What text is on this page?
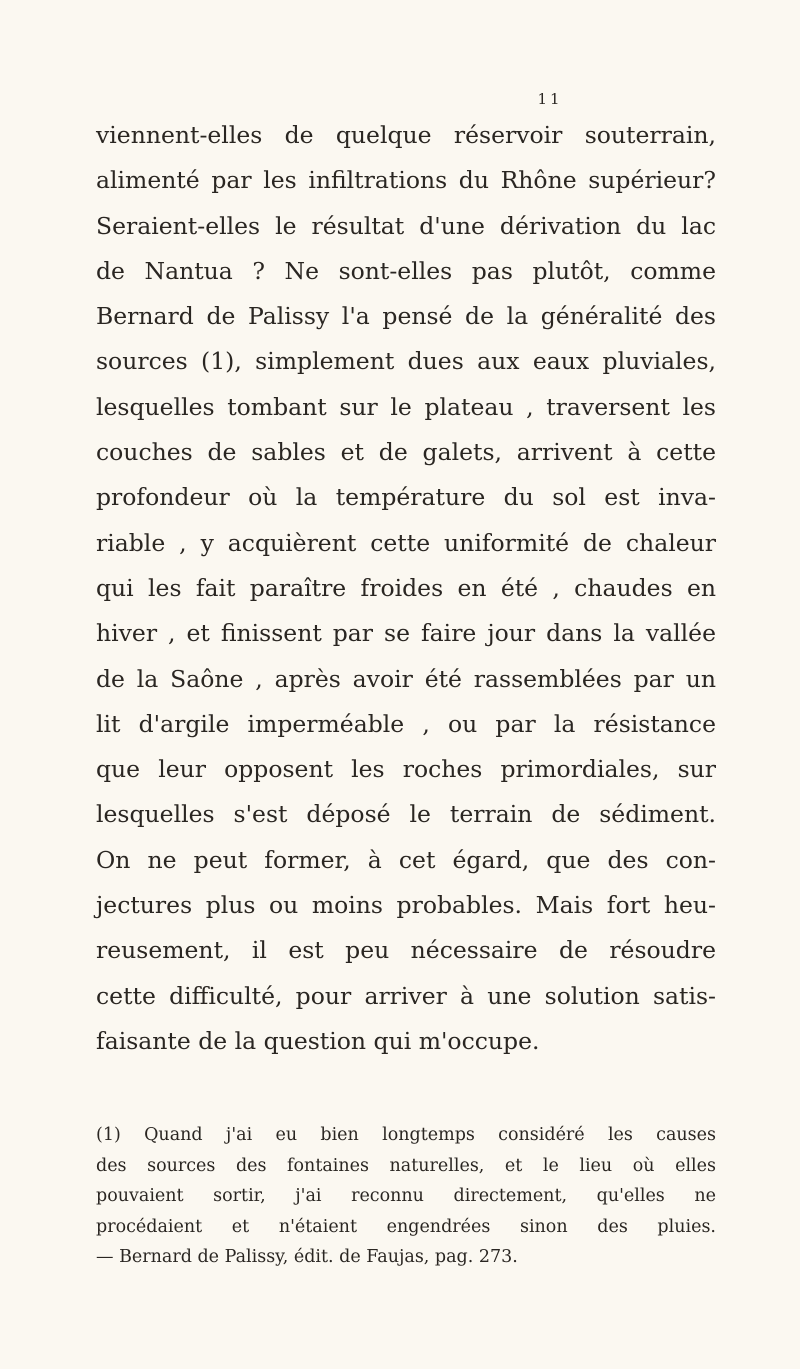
11
viennent-elles de quelque réservoir souterrain,
alimenté par les infiltrations du Rhône supérieur?
Seraient-elles le résultat d'une dérivation du lac
de Nantua ? Ne sont-elles pas plutôt, comme
Bernard de Palissy l'a pensé de la généralité des
sources (1), simplement dues aux eaux pluviales,
lesquelles tombant sur le plateau , traversent les
couches de sables et de galets, arrivent à cette
profondeur où la température du sol est inva-
riable , y acquièrent cette uniformité de chaleur
qui les fait paraître froides en été , chaudes en
hiver , et finissent par se faire jour dans la vallée
de la Saône , après avoir été rassemblées par un
lit d'argile imperméable , ou par la résistance
que leur opposent les roches primordiales, sur
lesquelles s'est déposé le terrain de sédiment.
On ne peut former, à cet égard, que des con-
jectures plus ou moins probables. Mais fort heu-
reusement, il est peu nécessaire de résoudre
cette difficulté, pour arriver à une solution satis-
faisante de la question qui m'occupe.
(1) Quand j'ai eu bien longtemps considéré les causes
des sources des fontaines naturelles, et le lieu où elles
pouvaient sortir, j'ai reconnu directement, qu'elles ne
procédaient et n'étaient engendrées sinon des pluies.
— Bernard de Palissy, édit. de Faujas, pag. 273.
